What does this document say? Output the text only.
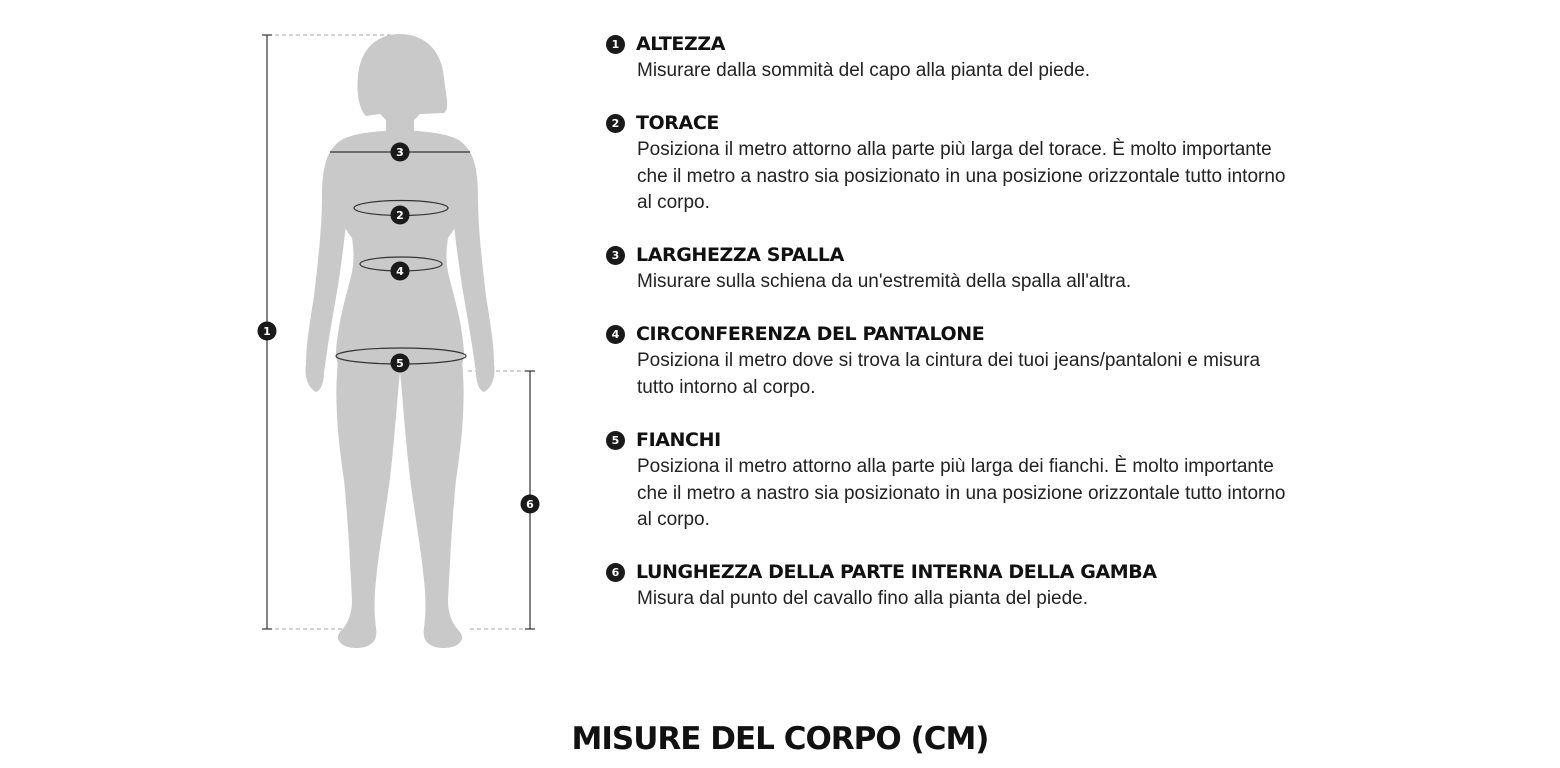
1
2
3
4
5
6
1 ALTEZZA
Misurare dalla sommità del capo alla pianta del piede.
2 TORACE
Posiziona il metro attorno alla parte più larga del torace. È molto importante che il metro a nastro sia posizionato in una posizione orizzontale tutto intorno al corpo.
3 LARGHEZZA SPALLA
Misurare sulla schiena da un'estremità della spalla all'altra.
4 CIRCONFERENZA DEL PANTALONE
Posiziona il metro dove si trova la cintura dei tuoi jeans/pantaloni e misura tutto intorno al corpo.
5 FIANCHI
Posiziona il metro attorno alla parte più larga dei fianchi. È molto importante che il metro a nastro sia posizionato in una posizione orizzontale tutto intorno al corpo.
6 LUNGHEZZA DELLA PARTE INTERNA DELLA GAMBA
Misura dal punto del cavallo fino alla pianta del piede.
MISURE DEL CORPO (CM)
